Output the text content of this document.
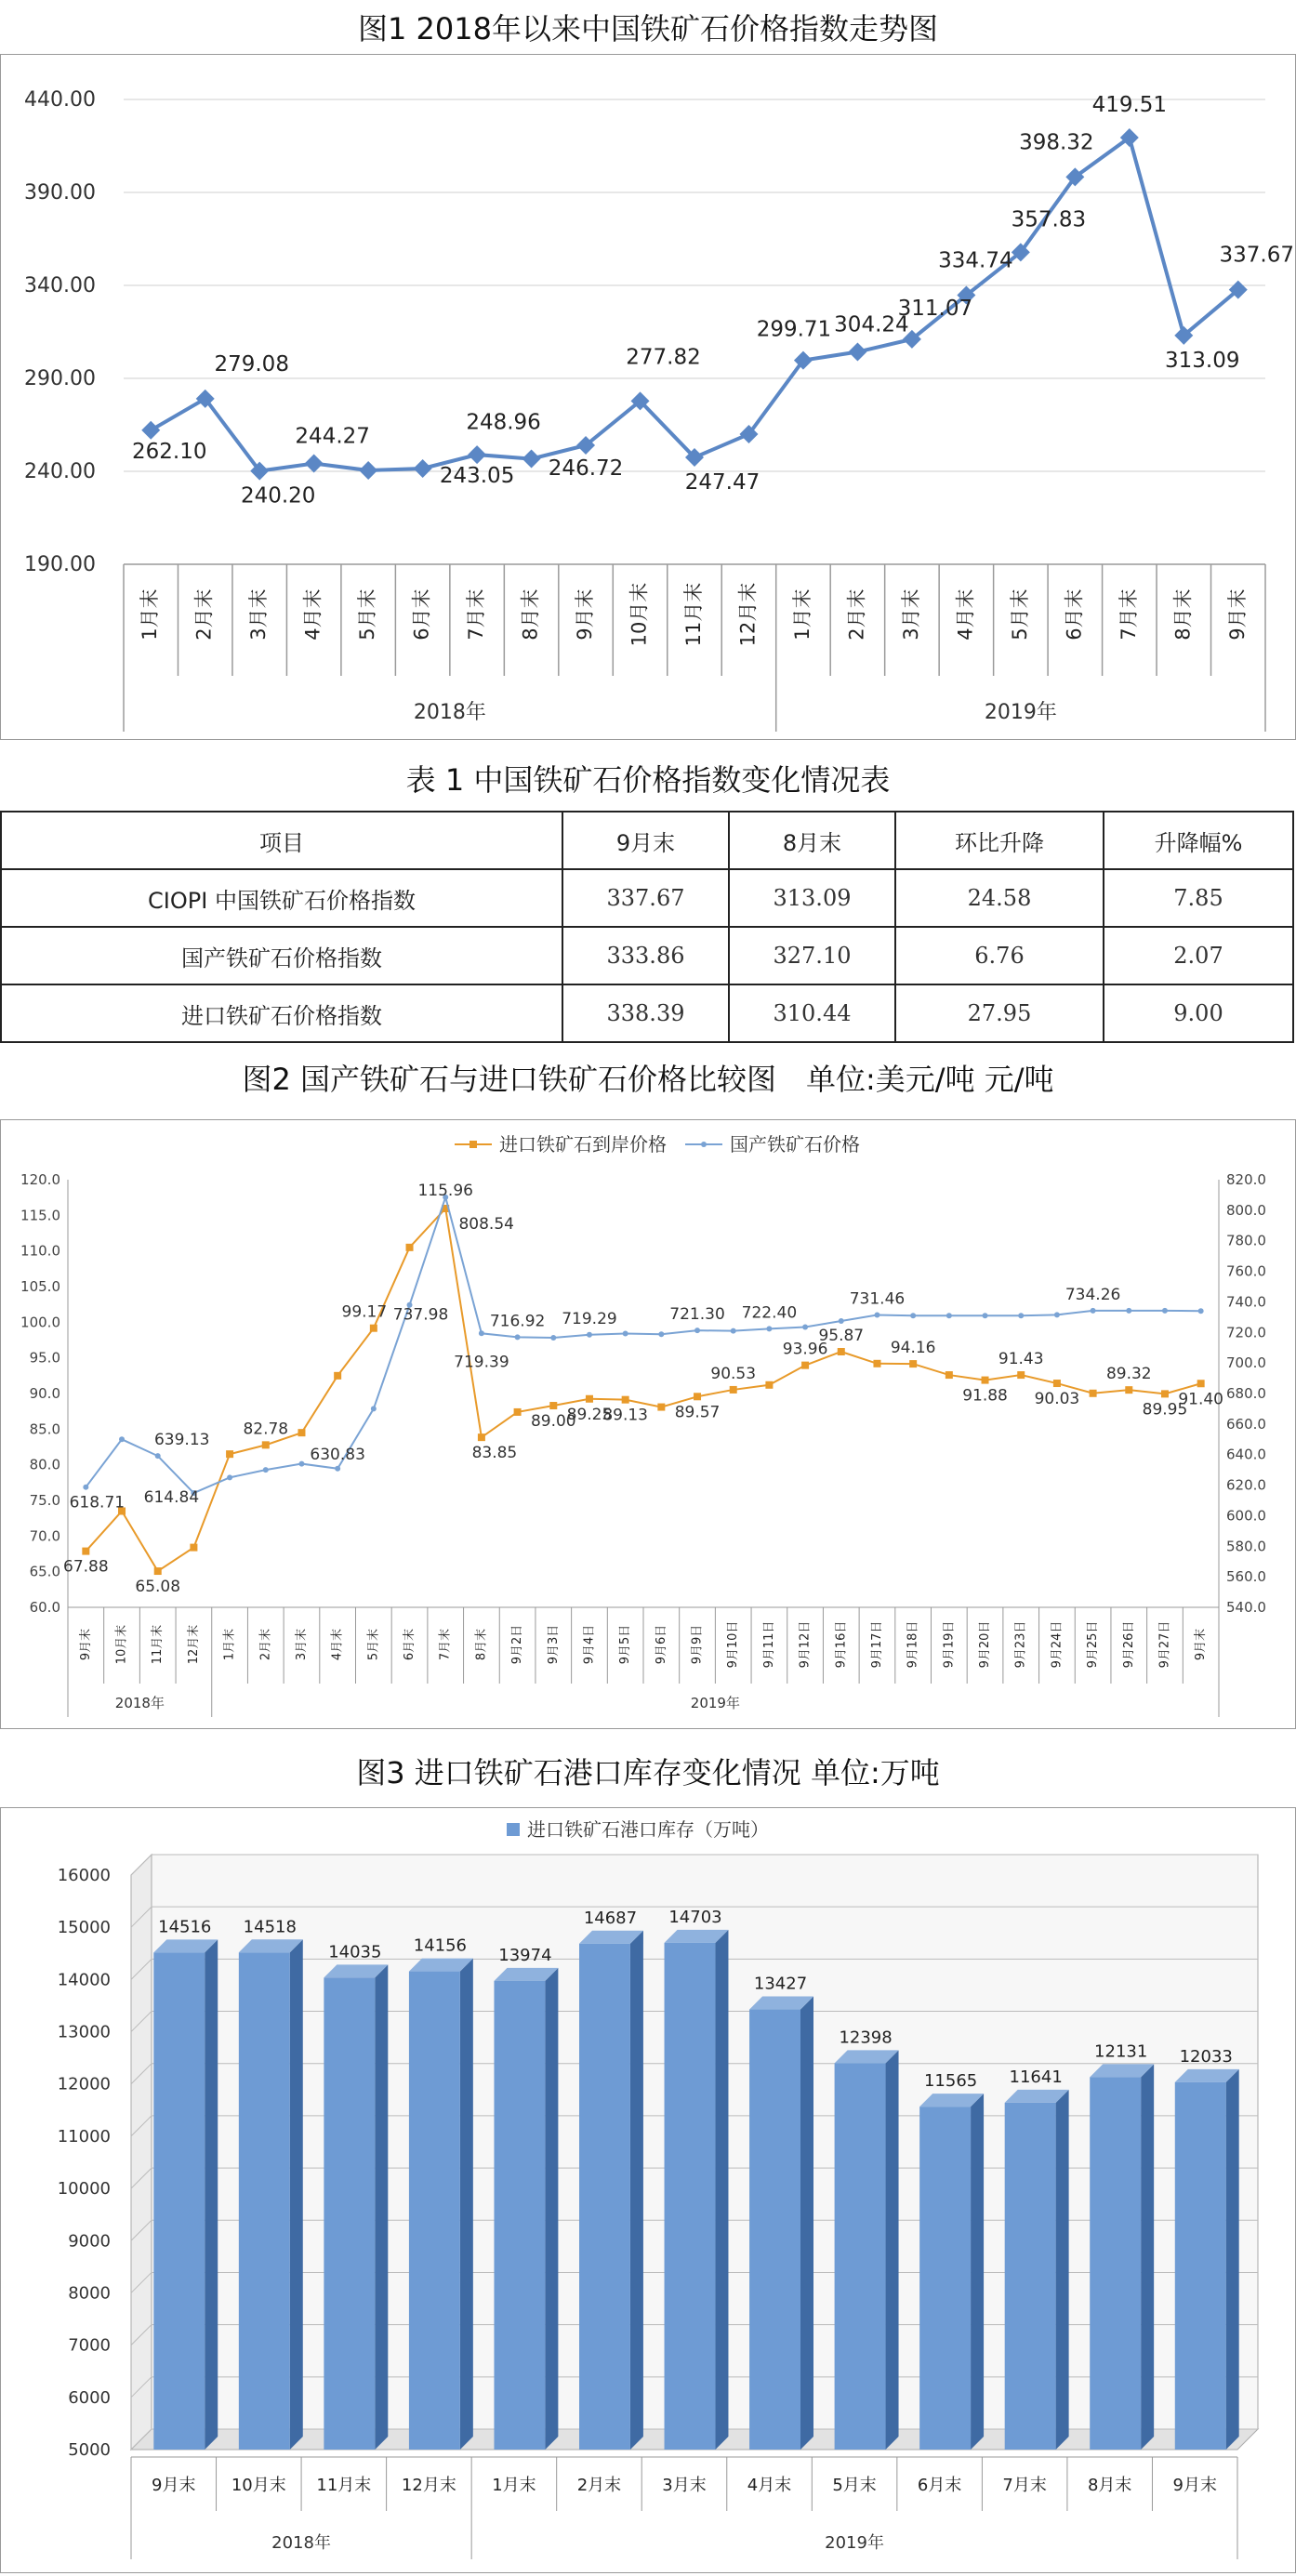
图1 2018年以来中国铁矿石价格指数走势图
190.00
240.00
290.00
340.00
390.00
440.00
1月末 2月末 3月末 4月末 5月末 6月末 7月末 8月末 9月末 10月末 11月末 12月末 1月末 2月末 3月末 4月末 5月末 6月末 7月末 8月末 9月末
2018年	2019年
262.10
279.08
240.20
244.27
243.05
248.96
246.72
277.82
247.47
299.71 304.24
311.07
334.74
357.83
398.32
419.51
313.09
337.67
表 1 中国铁矿石价格指数变化情况表
项目	9月末	8月末	环比升降	升降幅%
CIOPI 中国铁矿石价格指数	337.67	313.09	24.58	7.85
国产铁矿石价格指数	333.86	327.10	6.76	2.07
进口铁矿石价格指数	338.39	310.44	27.95	9.00
图2 国产铁矿石与进口铁矿石价格比较图　单位:美元/吨 元/吨
60.0
65.0
70.0
75.0
80.0
85.0
90.0
95.0
100.0
105.0
110.0
115.0
120.0
540.0
560.0
580.0
600.0
620.0
640.0
660.0
680.0
700.0
720.0
740.0
760.0
780.0
800.0
820.0
9月末 10月末 11月末 12月末 1月末 2月末 3月末 4月末 5月末 6月末 7月末 8月末 9月2日 9月3日 9月4日 9月5日 9月6日 9月9日 9月10日 9月11日 9月12日 9月16日 9月17日 9月18日 9月19日 9月20日 9月23日 9月24日 9月25日 9月26日 9月27日 9月末
2018年	2019年
进口铁矿石到岸价格	国产铁矿石价格
67.88
65.08
82.78
99.17
115.96
83.85
89.00
89.25
89.13 89.57
90.53
93.96
95.87
94.16
91.88
91.43
90.03
89.32
89.95
91.40
618.71
639.13
614.84
630.83
737.98
808.54
719.39
716.92 719.29	721.30 722.40
731.46	734.26
图3 进口铁矿石港口库存变化情况 单位:万吨
5000
6000
7000
8000
9000
10000
11000
12000
13000
14000
15000
16000
进口铁矿石港口库存（万吨）
14516 14518
14035 14156 13974
14687 14703
13427
12398
11565 11641
12131 12033
9月末 10月末 11月末 12月末 1月末 2月末 3月末 4月末 5月末 6月末 7月末 8月末 9月末
2018年	2019年
